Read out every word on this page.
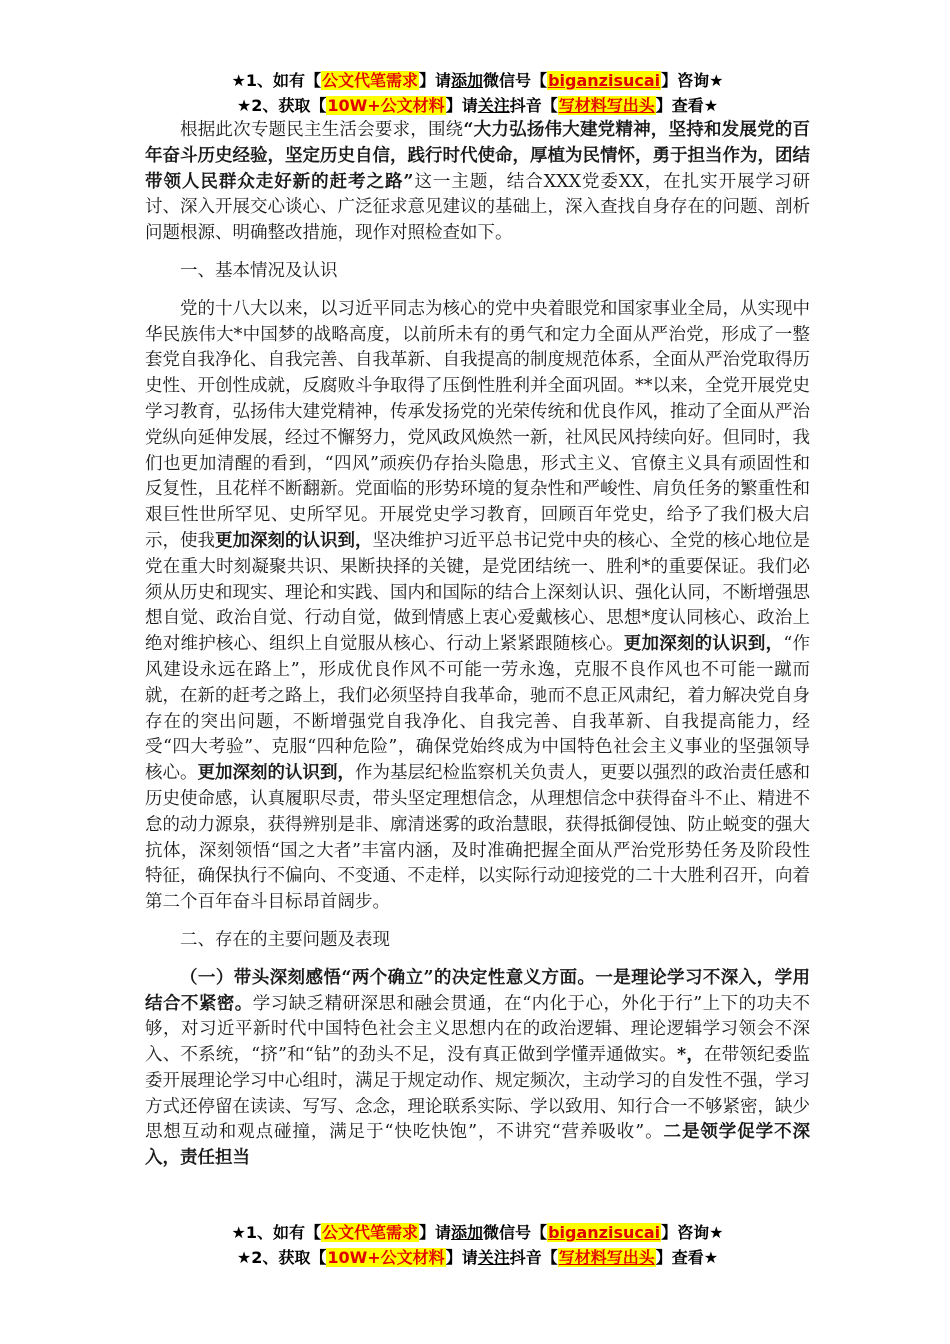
★1、如有【公文代笔需求】请添加微信号【biganzisucai】咨询★
★2、获取【10W+公文材料】请关注抖音【写材料写出头】查看★

根据此次专题民主生活会要求，围绕“大力弘扬伟大建党精神，坚持和发展党的百年奋斗历史经验，坚定历史自信，践行时代使命，厚植为民情怀，勇于担当作为，团结带领人民群众走好新的赶考之路”这一主题，结合XXX党委XX，在扎实开展学习研讨、深入开展交心谈心、广泛征求意见建议的基础上，深入查找自身存在的问题、剖析问题根源、明确整改措施，现作对照检查如下。

一、基本情况及认识

党的十八大以来，以习近平同志为核心的党中央着眼党和国家事业全局，从实现中华民族伟大*中国梦的战略高度，以前所未有的勇气和定力全面从严治党，形成了一整套党自我净化、自我完善、自我革新、自我提高的制度规范体系，全面从严治党取得历史性、开创性成就，反腐败斗争取得了压倒性胜利并全面巩固。**以来，全党开展党史学习教育，弘扬伟大建党精神，传承发扬党的光荣传统和优良作风，推动了全面从严治党纵向延伸发展，经过不懈努力，党风政风焕然一新，社风民风持续向好。但同时，我们也更加清醒的看到，“四风”顽疾仍存抬头隐患，形式主义、官僚主义具有顽固性和反复性，且花样不断翻新。党面临的形势环境的复杂性和严峻性、肩负任务的繁重性和艰巨性世所罕见、史所罕见。开展党史学习教育，回顾百年党史，给予了我们极大启示，使我更加深刻的认识到，坚决维护习近平总书记党中央的核心、全党的核心地位是党在重大时刻凝聚共识、果断抉择的关键，是党团结统一、胜利*的重要保证。我们必须从历史和现实、理论和实践、国内和国际的结合上深刻认识、强化认同，不断增强思想自觉、政治自觉、行动自觉，做到情感上衷心爱戴核心、思想*度认同核心、政治上绝对维护核心、组织上自觉服从核心、行动上紧紧跟随核心。更加深刻的认识到，“作风建设永远在路上”，形成优良作风不可能一劳永逸，克服不良作风也不可能一蹴而就，在新的赶考之路上，我们必须坚持自我革命，驰而不息正风肃纪，着力解决党自身存在的突出问题，不断增强党自我净化、自我完善、自我革新、自我提高能力，经受“四大考验”、克服“四种危险”，确保党始终成为中国特色社会主义事业的坚强领导核心。更加深刻的认识到，作为基层纪检监察机关负责人，更要以强烈的政治责任感和历史使命感，认真履职尽责，带头坚定理想信念，从理想信念中获得奋斗不止、精进不怠的动力源泉，获得辨别是非、廓清迷雾的政治慧眼，获得抵御侵蚀、防止蜕变的强大抗体，深刻领悟“国之大者”丰富内涵，及时准确把握全面从严治党形势任务及阶段性特征，确保执行不偏向、不变通、不走样，以实际行动迎接党的二十大胜利召开，向着第二个百年奋斗目标昂首阔步。

二、存在的主要问题及表现

（一）带头深刻感悟“两个确立”的决定性意义方面。一是理论学习不深入，学用结合不紧密。学习缺乏精研深思和融会贯通，在“内化于心，外化于行”上下的功夫不够，对习近平新时代中国特色社会主义思想内在的政治逻辑、理论逻辑学习领会不深入、不系统，“挤”和“钻”的劲头不足，没有真正做到学懂弄通做实。*，在带领纪委监委开展理论学习中心组时，满足于规定动作、规定频次，主动学习的自发性不强，学习方式还停留在读读、写写、念念，理论联系实际、学以致用、知行合一不够紧密，缺少思想互动和观点碰撞，满足于“快吃快饱”，不讲究“营养吸收”。二是领学促学不深入，责任担当

★1、如有【公文代笔需求】请添加微信号【biganzisucai】咨询★
★2、获取【10W+公文材料】请关注抖音【写材料写出头】查看★
